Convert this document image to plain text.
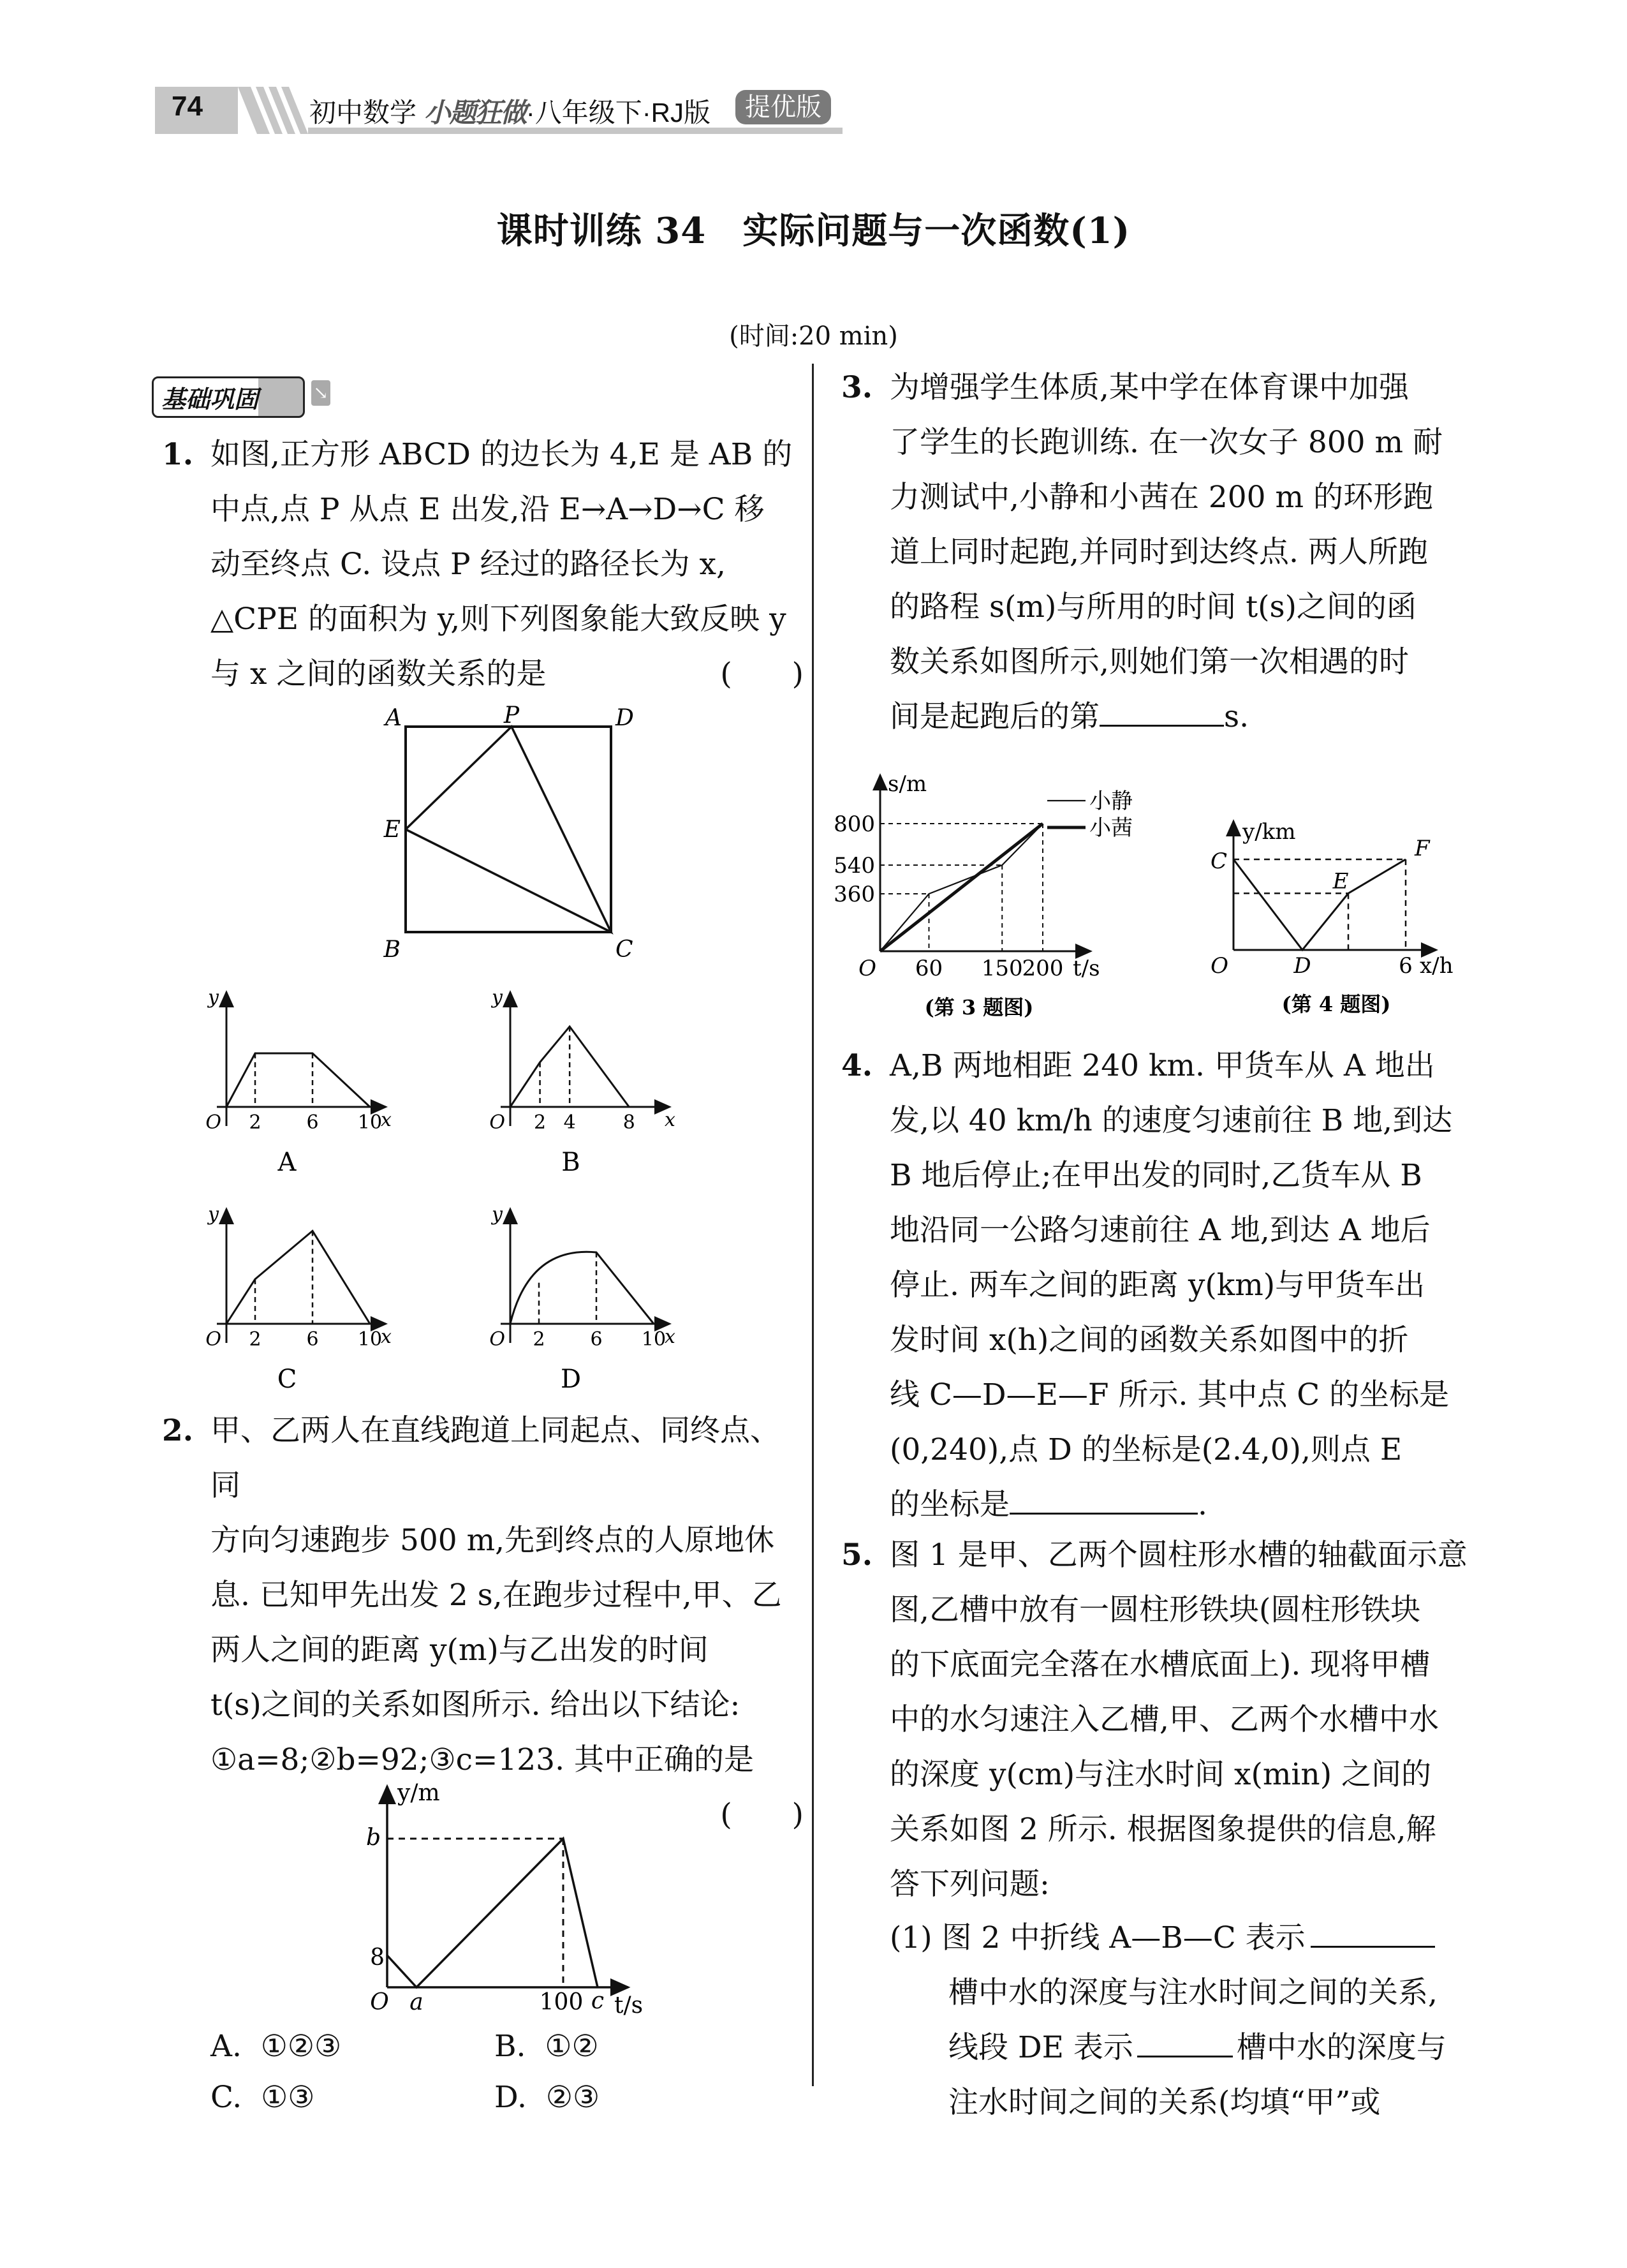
74	初中数学 小题狂做·八年级下·RJ版	提优版
课时训练 34　实际问题与一次函数(1)
(时间:20 min)
基础巩固	↘
1. 如图,正方形 ABCD 的边长为 4,E 是 AB 的
中点,点 P 从点 E 出发,沿 E→A→D→C 移
动至终点 C. 设点 P 经过的路径长为 x,
△CPE 的面积为 y,则下列图象能大致反映 y
与 x 之间的函数关系的是	(　　)
A	P	D
E
B	C
y
O 2 6 10
x
A
y
O 2 4 8 x
B
y
O 2 6 10
x
C
y
O 2 6 10
x
D
2. 甲、乙两人在直线跑道上同起点、同终点、同
方向匀速跑步 500 m,先到终点的人原地休
息. 已知甲先出发 2 s,在跑步过程中,甲、乙
两人之间的距离 y(m)与乙出发的时间
t(s)之间的关系如图所示. 给出以下结论:
①a=8;②b=92;③c=123. 其中正确的是
(　　)

y/m
b
8
O a	100 c t/s
A. ①②③	B. ①②
C. ①③	D. ②③
3. 为增强学生体质,某中学在体育课中加强
了学生的长跑训练. 在一次女子 800 m 耐
力测试中,小静和小茜在 200 m 的环形跑
道上同时起跑,并同时到达终点. 两人所跑
的路程 s(m)与所用的时间 t(s)之间的函
数关系如图所示,则她们第一次相遇的时
间是起跑后的第	s.
s/m
360
540
800
O 60 150
200 t/s
小静
小茜
(第 3 题图)
y/km
C
D
E
F
O	6 x/h
(第 4 题图)
4. A,B 两地相距 240 km. 甲货车从 A 地出
发,以 40 km/h 的速度匀速前往 B 地,到达
B 地后停止;在甲出发的同时,乙货车从 B
地沿同一公路匀速前往 A 地,到达 A 地后
停止. 两车之间的距离 y(km)与甲货车出
发时间 x(h)之间的函数关系如图中的折
线 C—D—E—F 所示. 其中点 C 的坐标是
(0,240),点 D 的坐标是(2.4,0),则点 E
的坐标是	.
5. 图 1 是甲、乙两个圆柱形水槽的轴截面示意
图,乙槽中放有一圆柱形铁块(圆柱形铁块
的下底面完全落在水槽底面上). 现将甲槽
中的水匀速注入乙槽,甲、乙两个水槽中水
的深度 y(cm)与注水时间 x(min) 之间的
关系如图 2 所示. 根据图象提供的信息,解
答下列问题:
(1) 图 2 中折线 A—B—C 表示
槽中水的深度与注水时间之间的关系,
线段 DE 表示	槽中水的深度与
注水时间之间的关系(均填“甲”或
